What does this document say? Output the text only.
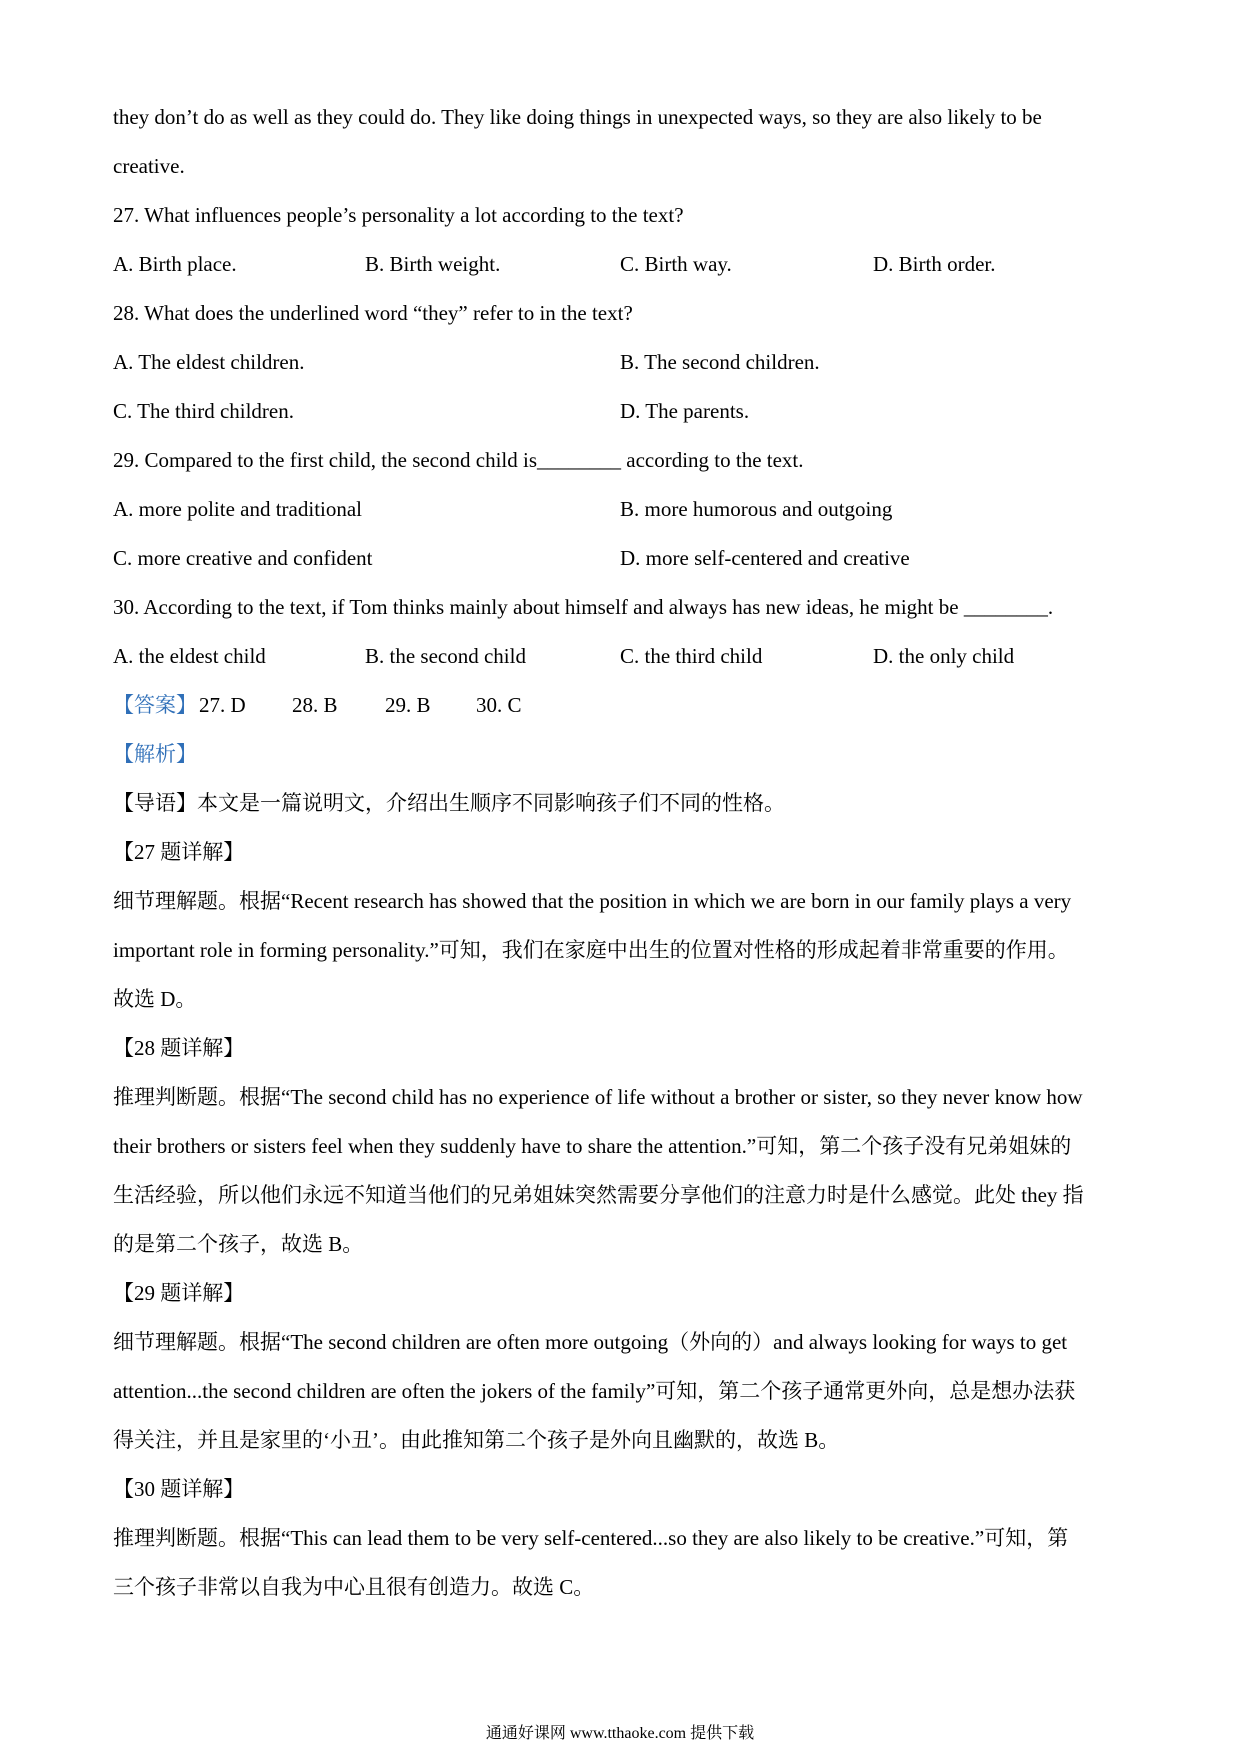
they don’t do as well as they could do. They like doing things in unexpected ways, so they are also likely to be
creative.
27. What influences people’s personality a lot according to the text?
A. Birth place.	B. Birth weight.	C. Birth way.	D. Birth order.
28. What does the underlined word “they” refer to in the text?
A. The eldest children.	B. The second children.
C. The third children.	D. The parents.
29. Compared to the first child, the second child is________ according to the text.
A. more polite and traditional	B. more humorous and outgoing
C. more creative and confident	D. more self-centered and creative
30. According to the text, if Tom thinks mainly about himself and always has new ideas, he might be ________.
A. the eldest child	B. the second child	C. the third child	D. the only child
【答案】 27. D 28. B 29. B 30. C
【解析】
【导语】本文是一篇说明文，介绍出生顺序不同影响孩子们不同的性格。
【27 题详解】
细节理解题。根据“Recent research has showed that the position in which we are born in our family plays a very
important role in forming personality.”可知，我们在家庭中出生的位置对性格的形成起着非常重要的作用。
故选 D。
【28 题详解】
推理判断题。根据“The second child has no experience of life without a brother or sister, so they never know how
their brothers or sisters feel when they suddenly have to share the attention.”可知，第二个孩子没有兄弟姐妹的
生活经验，所以他们永远不知道当他们的兄弟姐妹突然需要分享他们的注意力时是什么感觉。此处 they 指
的是第二个孩子，故选 B。
【29 题详解】
细节理解题。根据“The second children are often more outgoing（外向的）and always looking for ways to get
attention...the second children are often the jokers of the family”可知，第二个孩子通常更外向，总是想办法获
得关注，并且是家里的‘小丑’。由此推知第二个孩子是外向且幽默的，故选 B。
【30 题详解】
推理判断题。根据“This can lead them to be very self-centered...so they are also likely to be creative.”可知，第
三个孩子非常以自我为中心且很有创造力。故选 C。
通通好课网 www.tthaoke.com 提供下载
